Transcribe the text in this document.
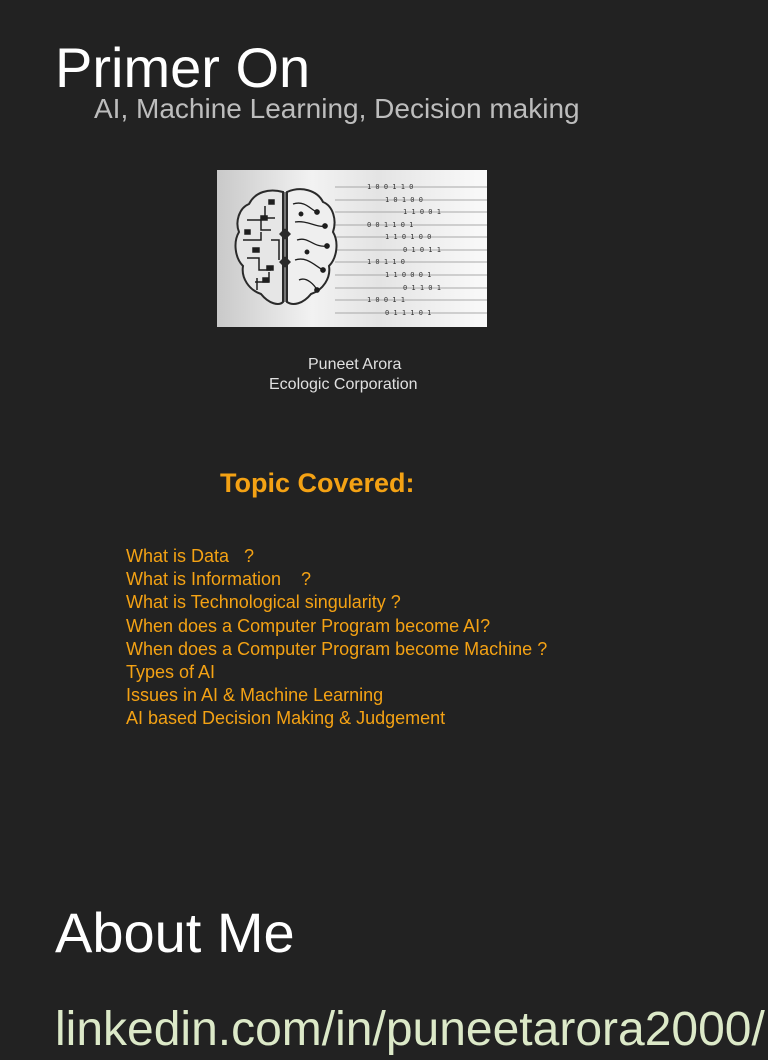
Primer On
AI, Machine Learning, Decision making
1 0 0 1 1 0
1 0 1 0 0
1 1 0 0 1
0 0 1 1 0 1
1 1 0 1 0 0
0 1 0 1 1
1 0 1 1 0
1 1 0 0 0 1
0 1 1 0 1
1 0 0 1 1
0 1 1 1 0 1
Puneet Arora
Ecologic Corporation
Topic Covered:
What is Data   ?
What is Information    ?
What is Technological singularity ?
When does a Computer Program become AI?
When does a Computer Program become Machine ?
Types of AI
Issues in AI & Machine Learning
AI based Decision Making & Judgement
About Me
linkedin.com/in/puneetarora2000/
